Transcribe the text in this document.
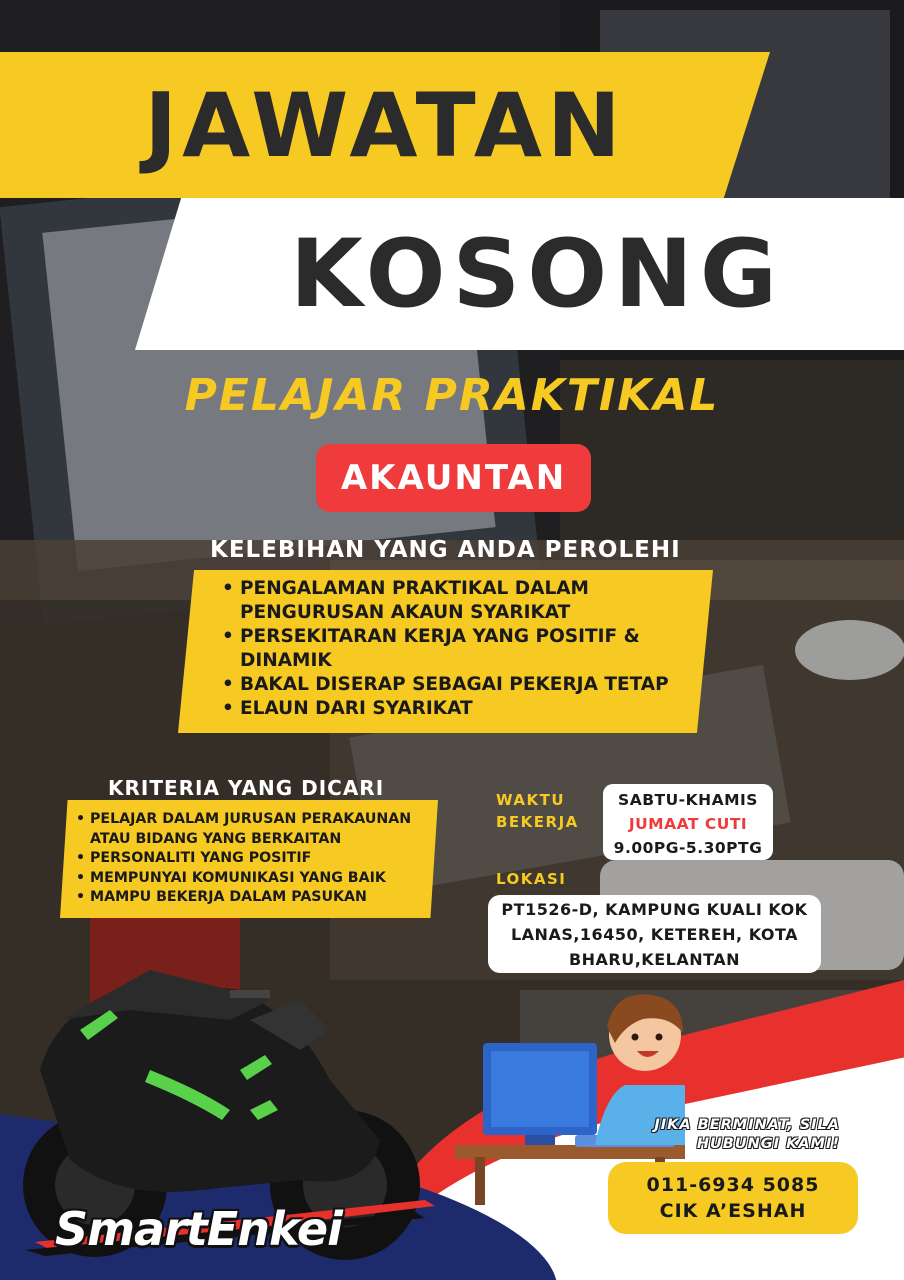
JAWATAN
KOSONG
PELAJAR PRAKTIKAL
AKAUNTAN
KELEBIHAN YANG ANDA PEROLEHI
• PENGALAMAN PRAKTIKAL DALAM PENGURUSAN AKAUN SYARIKAT
• PERSEKITARAN KERJA YANG POSITIF & DINAMIK
• BAKAL DISERAP SEBAGAI PEKERJA TETAP
• ELAUN DARI SYARIKAT
KRITERIA YANG DICARI
• PELAJAR DALAM JURUSAN PERAKAUNAN ATAU BIDANG YANG BERKAITAN
• PERSONALITI YANG POSITIF
• MEMPUNYAI KOMUNIKASI YANG BAIK
• MAMPU BEKERJA DALAM PASUKAN
WAKTU
BEKERJA
SABTU-KHAMIS
JUMAAT CUTI
9.00PG-5.30PTG
LOKASI
PT1526-D, KAMPUNG KUALI KOK
LANAS,16450, KETEREH, KOTA
BHARU,KELANTAN
JIKA BERMINAT, SILA
HUBUNGI KAMI!
011-6934 5085
CIK A’ESHAH
SmartEnkei
